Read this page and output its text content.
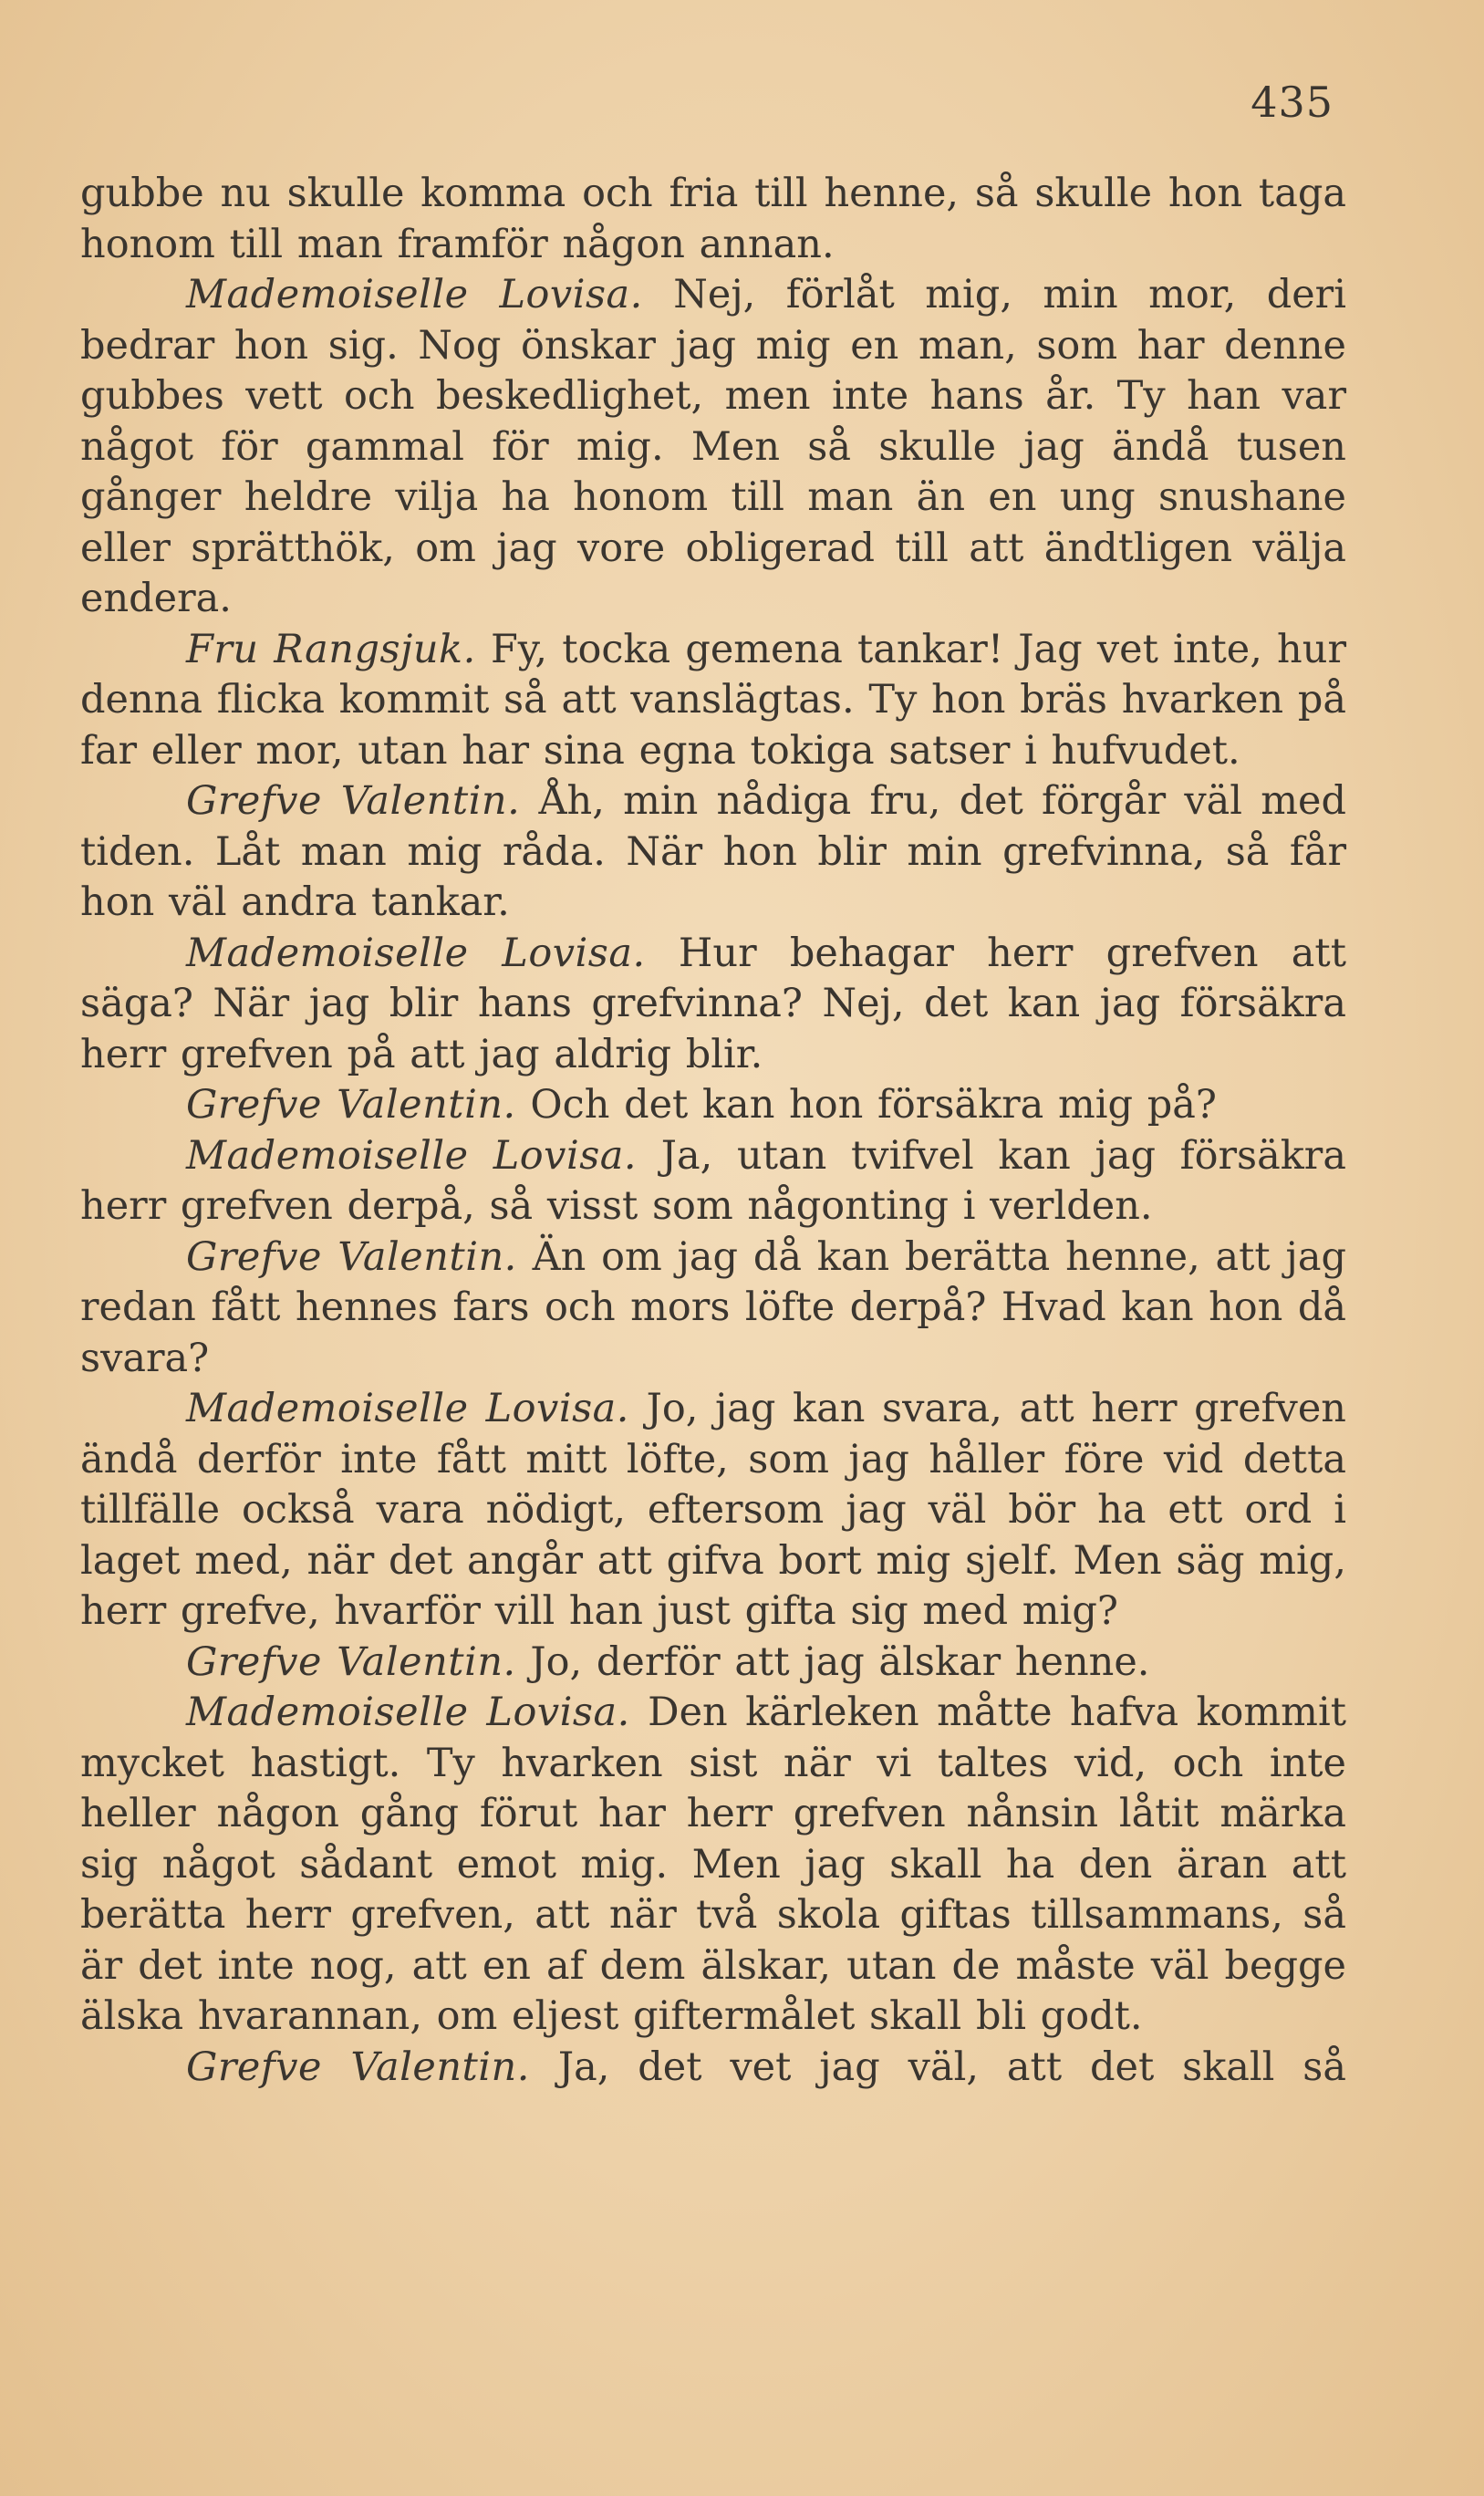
435

gubbe nu skulle komma och fria till henne, så skulle hon taga honom till man framför någon annan.

Mademoiselle Lovisa. Nej, förlåt mig, min mor, deri bedrar hon sig. Nog önskar jag mig en man, som har denne gubbes vett och beskedlighet, men inte hans år. Ty han var något för gammal för mig. Men så skulle jag ändå tusen gånger heldre vilja ha honom till man än en ung snushane eller sprätthök, om jag vore obligerad till att ändtligen välja endera.

Fru Rangsjuk. Fy, tocka gemena tankar! Jag vet inte, hur denna flicka kommit så att vanslägtas. Ty hon bräs hvarken på far eller mor, utan har sina egna tokiga satser i hufvudet.

Grefve Valentin. Åh, min nådiga fru, det förgår väl med tiden. Låt man mig råda. När hon blir min grefvinna, så får hon väl andra tankar.

Mademoiselle Lovisa. Hur behagar herr grefven att säga? När jag blir hans grefvinna? Nej, det kan jag försäkra herr grefven på att jag aldrig blir.

Grefve Valentin. Och det kan hon försäkra mig på?

Mademoiselle Lovisa. Ja, utan tvifvel kan jag försäkra herr grefven derpå, så visst som någonting i verlden.

Grefve Valentin. Än om jag då kan berätta henne, att jag redan fått hennes fars och mors löfte derpå? Hvad kan hon då svara?

Mademoiselle Lovisa. Jo, jag kan svara, att herr grefven ändå derför inte fått mitt löfte, som jag håller före vid detta tillfälle också vara nödigt, eftersom jag väl bör ha ett ord i laget med, när det angår att gifva bort mig sjelf. Men säg mig, herr grefve, hvarför vill han just gifta sig med mig?

Grefve Valentin. Jo, derför att jag älskar henne.

Mademoiselle Lovisa. Den kärleken måtte hafva kommit mycket hastigt. Ty hvarken sist när vi taltes vid, och inte heller någon gång förut har herr grefven nånsin låtit märka sig något sådant emot mig. Men jag skall ha den äran att berätta herr grefven, att när två skola giftas tillsammans, så är det inte nog, att en af dem älskar, utan de måste väl begge älska hvarannan, om eljest giftermålet skall bli godt.

Grefve Valentin. Ja, det vet jag väl, att det skall så
